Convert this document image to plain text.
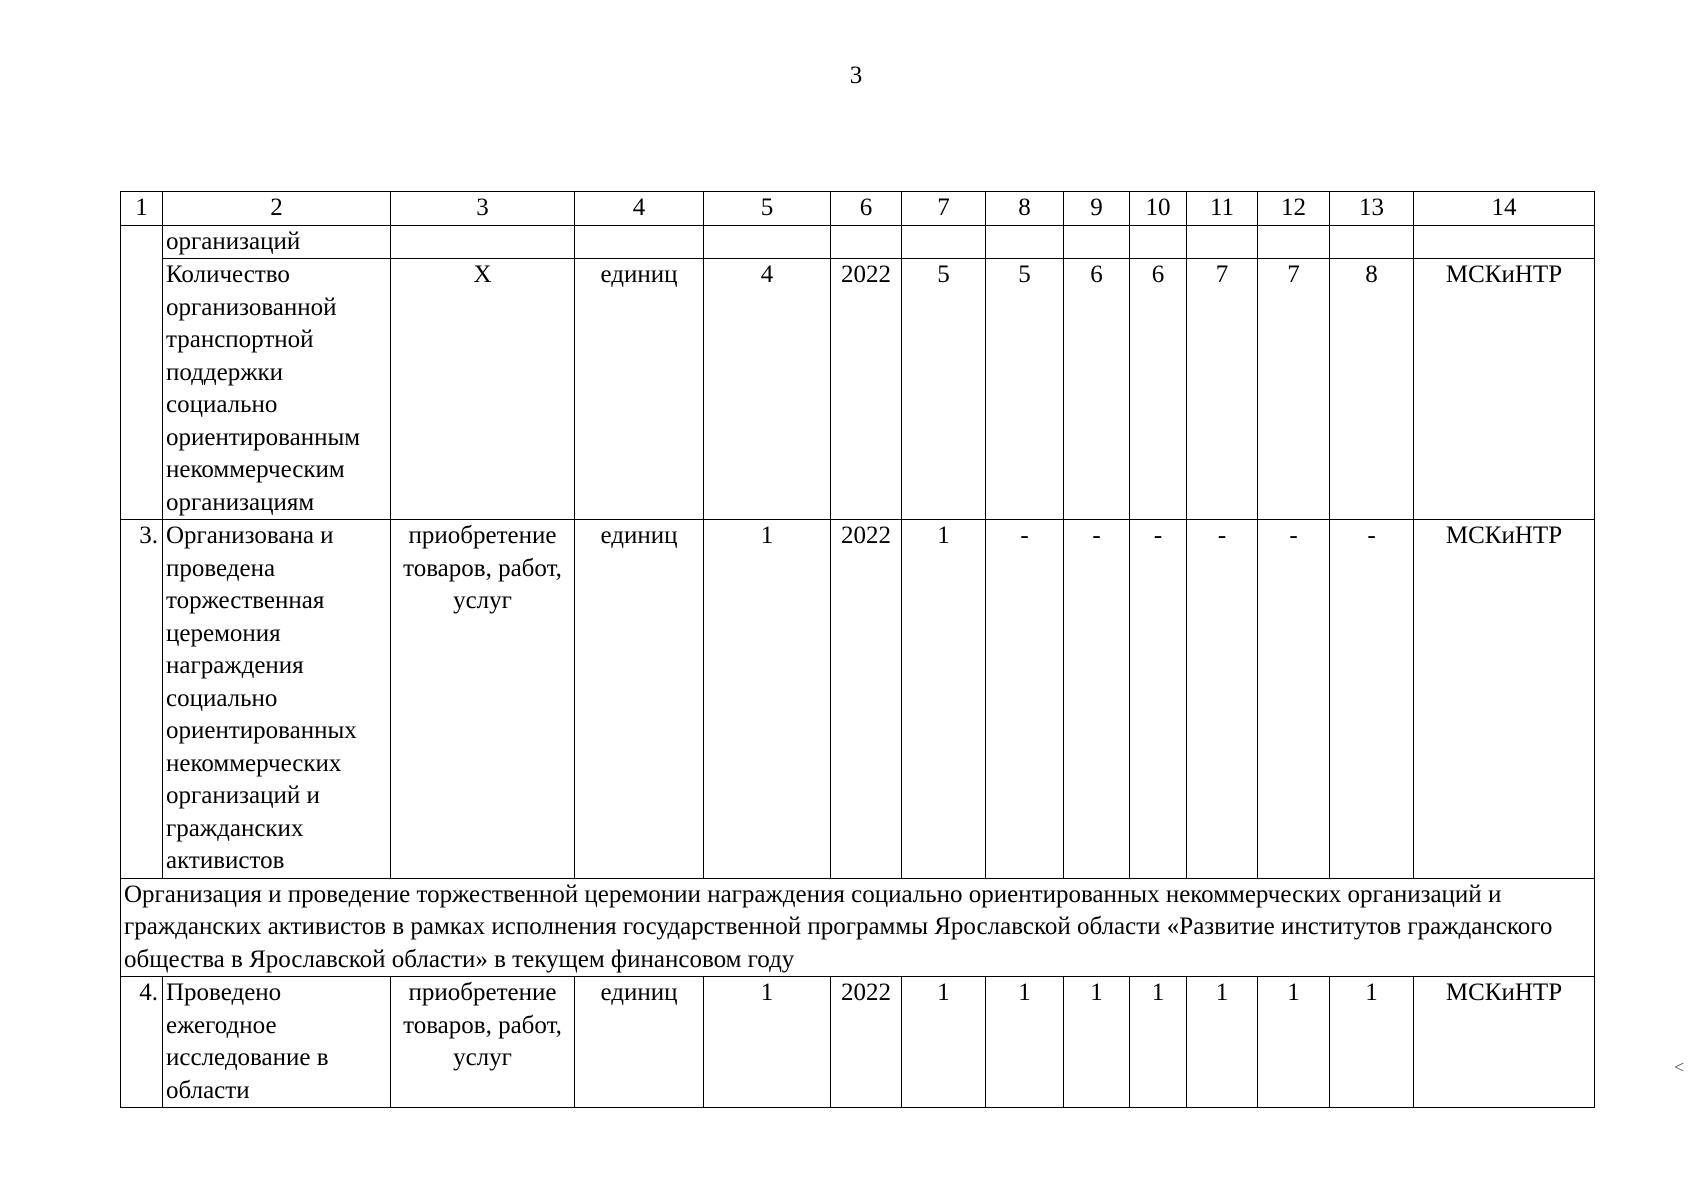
3
1	2	3	4	5	6	7	8	9	10	11	12	13	14
	организаций												
	Количество организованной транспортной поддержки социально ориентированным некоммерческим организациям	X	единиц	4	2022	5	5	6	6	7	7	8	МСКиНТР
3.	Организована и проведена торжественная церемония награждения социально ориентированных некоммерческих организаций и гражданских активистов	приобретение товаров, работ, услуг	единиц	1	2022	1	-	-	-	-	-	-	МСКиНТР
Организация и проведение торжественной церемонии награждения социально ориентированных некоммерческих организаций и гражданских активистов в рамках исполнения государственной программы Ярославской области «Развитие институтов гражданского общества в Ярославской области» в текущем финансовом году													
4.	Проведено ежегодное исследование в области	приобретение товаров, работ, услуг	единиц	1	2022	1	1	1	1	1	1	1	МСКиНТР
<
